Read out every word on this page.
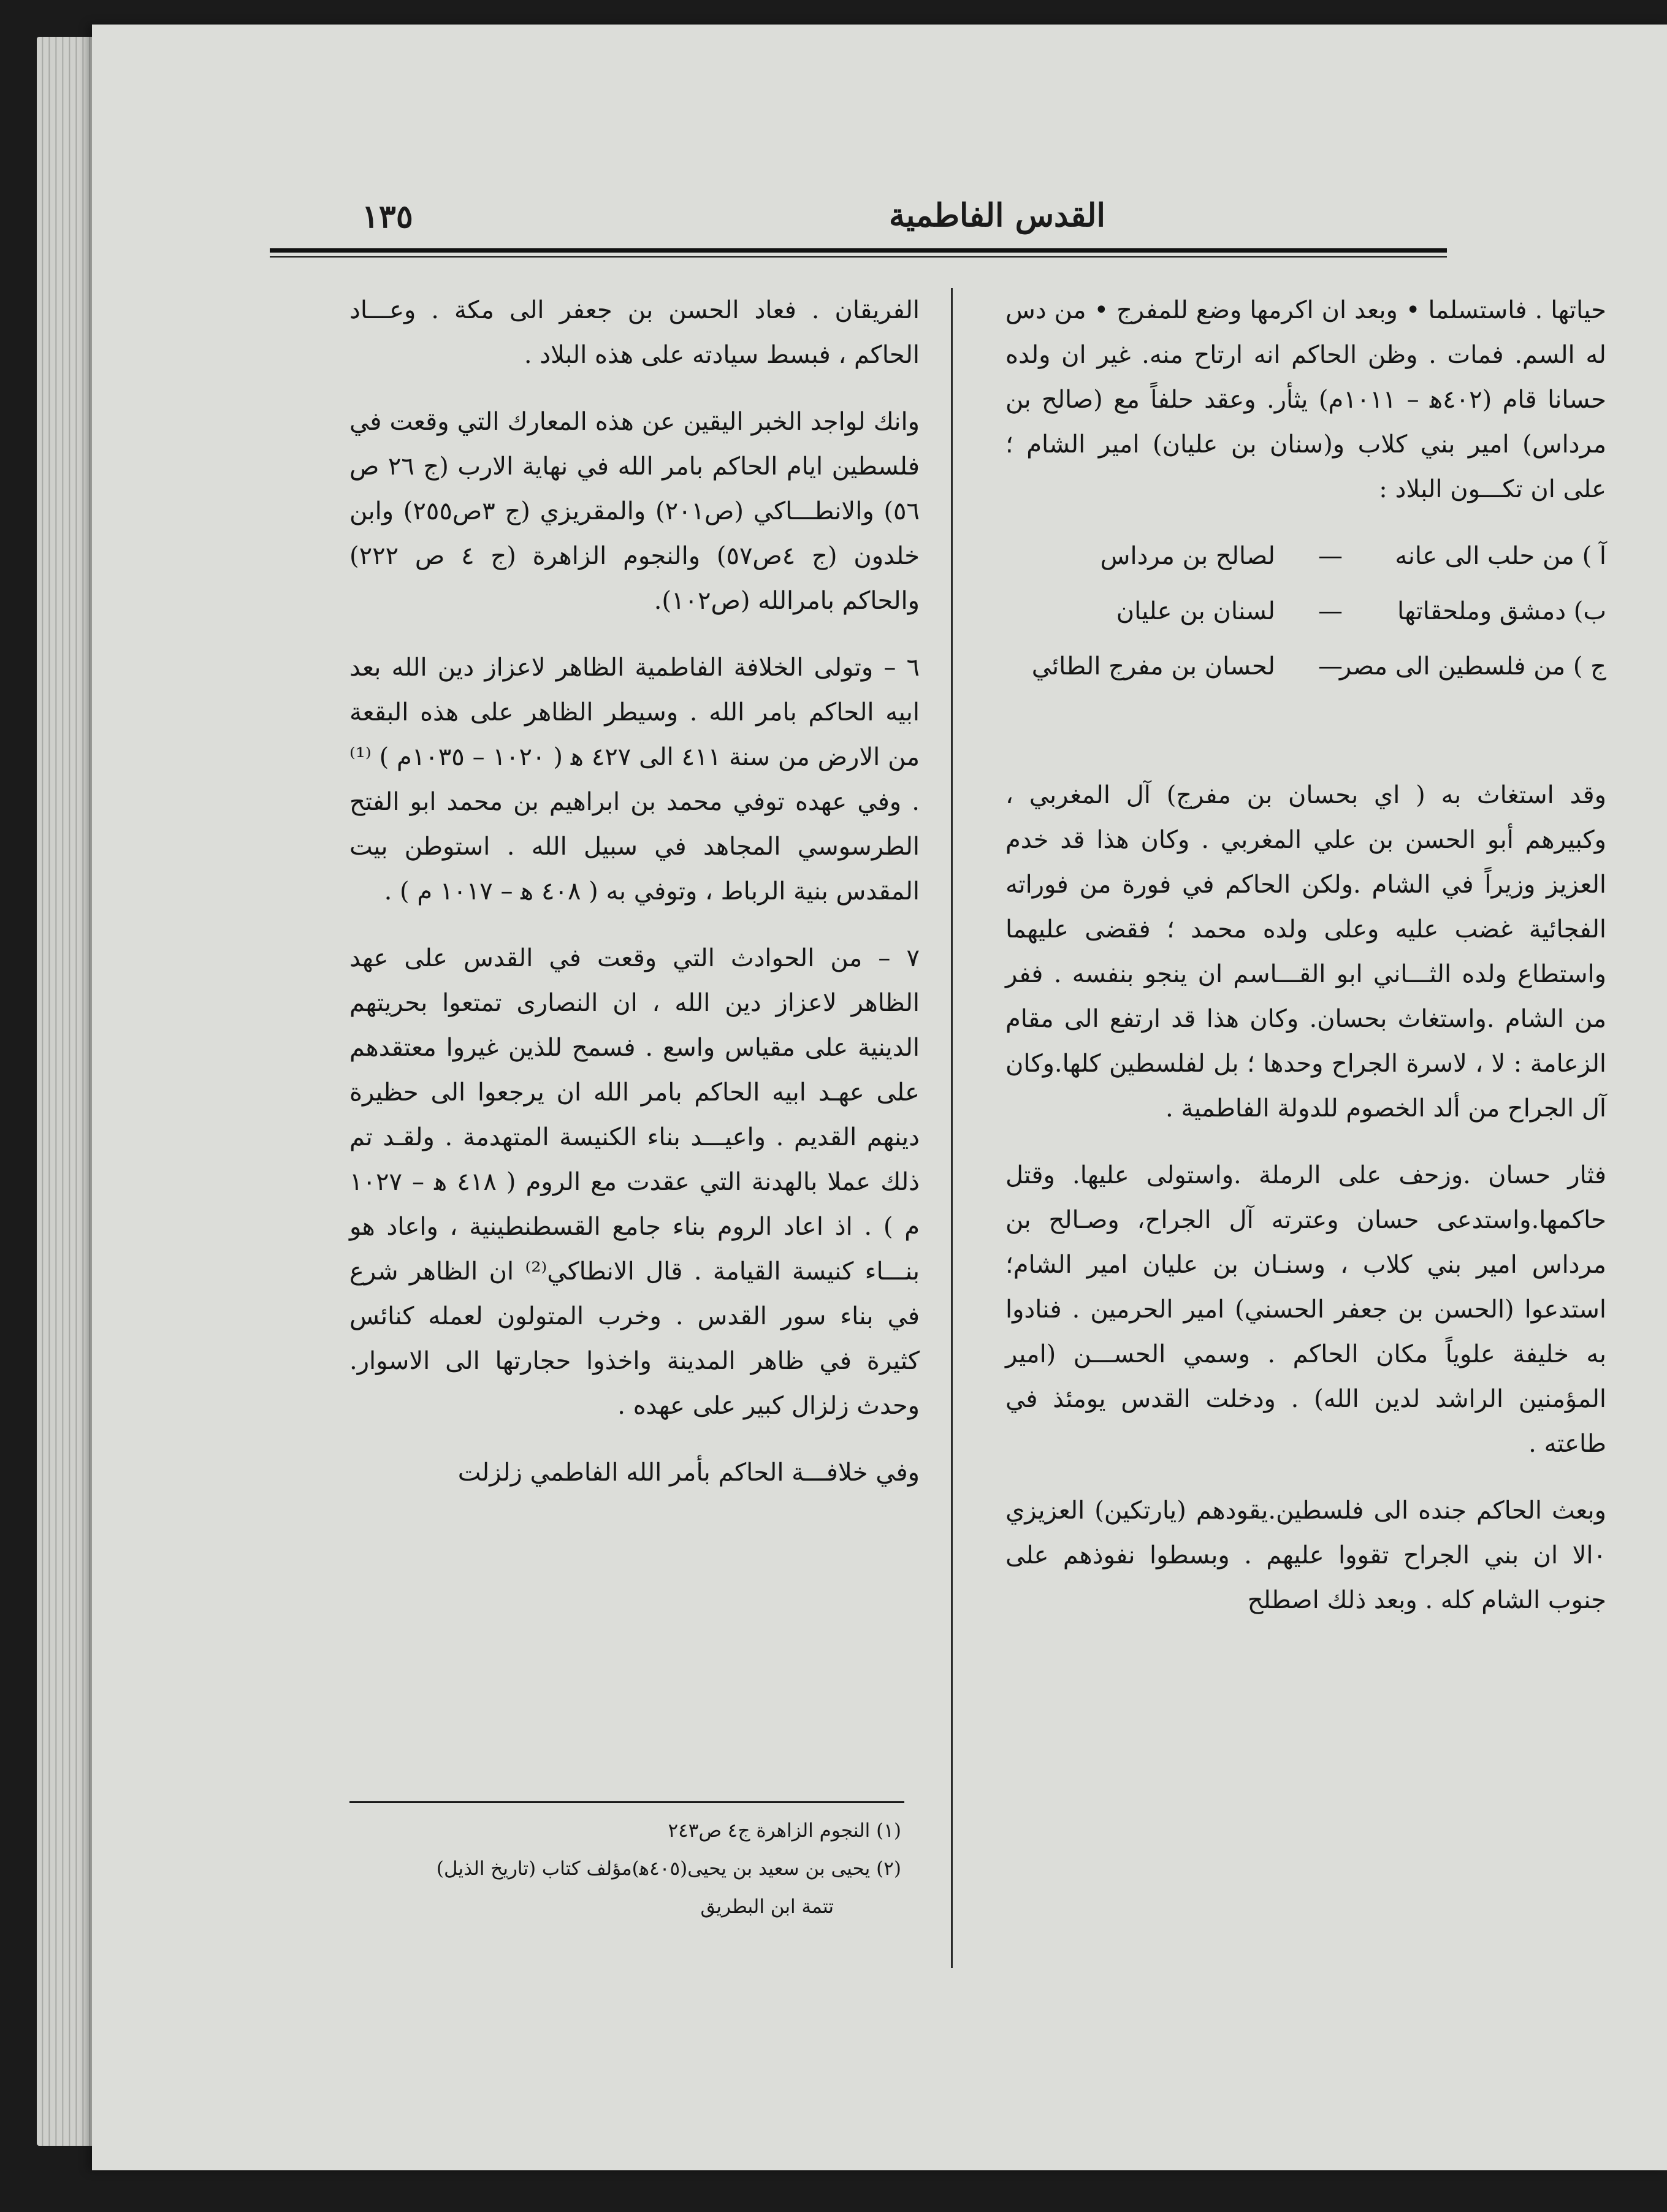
١٣٥	القدس الفاطمية

حياتها . فاستسلما • وبعد ان اكرمها وضع للمفرج • من دس له السم. فمات . وظن الحاكم انه ارتاح منه. غير ان ولده حسانا قام (٤٠٢ﻫ – ١٠١١م) يثأر. وعقد حلفاً مع (صالح بن مرداس) امير بني كلاب و(سنان بن عليان) امير الشام ؛ على ان تكـــون البلاد :

آ ) من حلب الى عانه
—
لصالح بن مرداس
ب) دمشق وملحقاتها
—
لسنان بن عليان
ج ) من فلسطين الى مصر
—
لحسان بن مفرج الطائي

وقد استغاث به ( اي بحسان بن مفرج) آل المغربي ، وكبيرهم أبو الحسن بن علي المغربي . وكان هذا قد خدم العزيز وزيراً في الشام .ولكن الحاكم في فورة من فوراته الفجائية غضب عليه وعلى ولده محمد ؛ فقضى عليهما واستطاع ولده الثـــاني ابو القـــاسم ان ينجو بنفسه . ففر من الشام .واستغاث بحسان. وكان هذا قد ارتفع الى مقام الزعامة : لا ، لاسرة الجراح وحدها ؛ بل لفلسطين كلها.وكان آل الجراح من ألد الخصوم للدولة الفاطمية .

فثار حسان .وزحف على الرملة .واستولى عليها. وقتل حاكمها.واستدعى حسان وعترته آل الجراح، وصـالح بن مرداس امير بني كلاب ، وسنـان بن عليان امير الشام؛استدعوا (الحسن بن جعفر الحسني) امير الحرمين . فنادوا به خليفة علوياً مكان الحاكم . وسمي الحســـن (امير المؤمنين الراشد لدين الله) . ودخلت القدس يومئذ في طاعته .

وبعث الحاكم جنده الى فلسطين.يقودهم (يارتكين) العزيزي ٠الا ان بني الجراح تقووا عليهم . وبسطوا نفوذهم على جنوب الشام كله . وبعد ذلك اصطلح

الفريقان . فعاد الحسن بن جعفر الى مكة . وعـــاد الحاكم ، فبسط سيادته على هذه البلاد .

وانك لواجد الخبر اليقين عن هذه المعارك التي وقعت في فلسطين ايام الحاكم بامر الله في نهاية الارب (ج ٢٦ ص ٥٦) والانطـــاكي (ص٢٠١) والمقريزي (ج ٣ص٢٥٥) وابن خلدون (ج ٤ص٥٧) والنجوم الزاهرة (ج ٤ ص ٢٢٢) والحاكم بامرالله (ص١٠٢).

٦ – وتولى الخلافة الفاطمية الظاهر لاعزاز دين الله بعد ابيه الحاكم بامر الله . وسيطر الظاهر على هذه البقعة من الارض من سنة ٤١١ الى ٤٢٧ ﻫ ( ١٠٢٠ – ١٠٣٥م ) ⁽¹⁾ . وفي عهده توفي محمد بن ابراهيم بن محمد ابو الفتح الطرسوسي المجاهد في سبيل الله . استوطن بيت المقدس بنية الرباط ، وتوفي به ( ٤٠٨ ﻫ – ١٠١٧ م ) .

٧ – من الحوادث التي وقعت في القدس على عهد الظاهر لاعزاز دين الله ، ان النصارى تمتعوا بحريتهم الدينية على مقياس واسع . فسمح للذين غيروا معتقدهم على عهـد ابيه الحاكم بامر الله ان يرجعوا الى حظيرة دينهم القديم . واعيـــد بناء الكنيسة المتهدمة . ولقـد تم ذلك عملا بالهدنة التي عقدت مع الروم ( ٤١٨ ﻫ – ١٠٢٧ م ) . اذ اعاد الروم بناء جامع القسطنطينية ، واعاد هو بنـــاء كنيسة القيامة . قال الانطاكي⁽²⁾ ان الظاهر شرع في بناء سور القدس . وخرب المتولون لعمله كنائس كثيرة في ظاهر المدينة واخذوا حجارتها الى الاسوار. وحدث زلزال كبير على عهده .

وفي خلافـــة الحاكم بأمر الله الفاطمي زلزلت

(١) النجوم الزاهرة ج٤ ص٢٤٣
(٢) يحيى بن سعيد بن يحيى(٤٠٥ﻫ)مؤلف كتاب (تاريخ الذيل)
تتمة ابن البطريق
